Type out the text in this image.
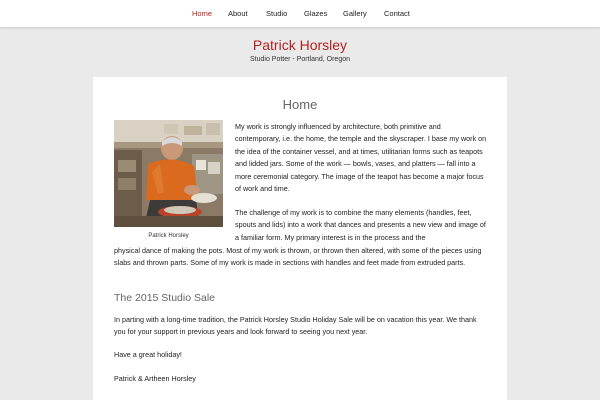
Home About Studio Glazes Gallery Contact
Patrick Horsley
Studio Potter - Portland, Oregon
Home
Patrick Horsley

My work is strongly influenced by architecture, both primitive and contemporary, i.e. the home, the temple and the skyscraper. I base my work on the idea of the container vessel, and at times, utilitarian forms such as teapots and lidded jars. Some of the work — bowls, vases, and platters — fall into a more ceremonial category. The image of the teapot has become a major focus of work and time.

The challenge of my work is to combine the many elements (handles, feet, spouts and lids) into a work that dances and presents a new view and image of a familiar form. My primary interest is in the process and the

physical dance of making the pots. Most of my work is thrown, or thrown then altered, with some of the pieces using slabs and thrown parts. Some of my work is made in sections with handles and feet made from extruded parts.

The 2015 Studio Sale

In parting with a long-time tradition, the Patrick Horsley Studio Holiday Sale will be on vacation this year. We thank you for your support in previous years and look forward to seeing you next year.

Have a great holiday!

Patrick & Artheen Horsley
